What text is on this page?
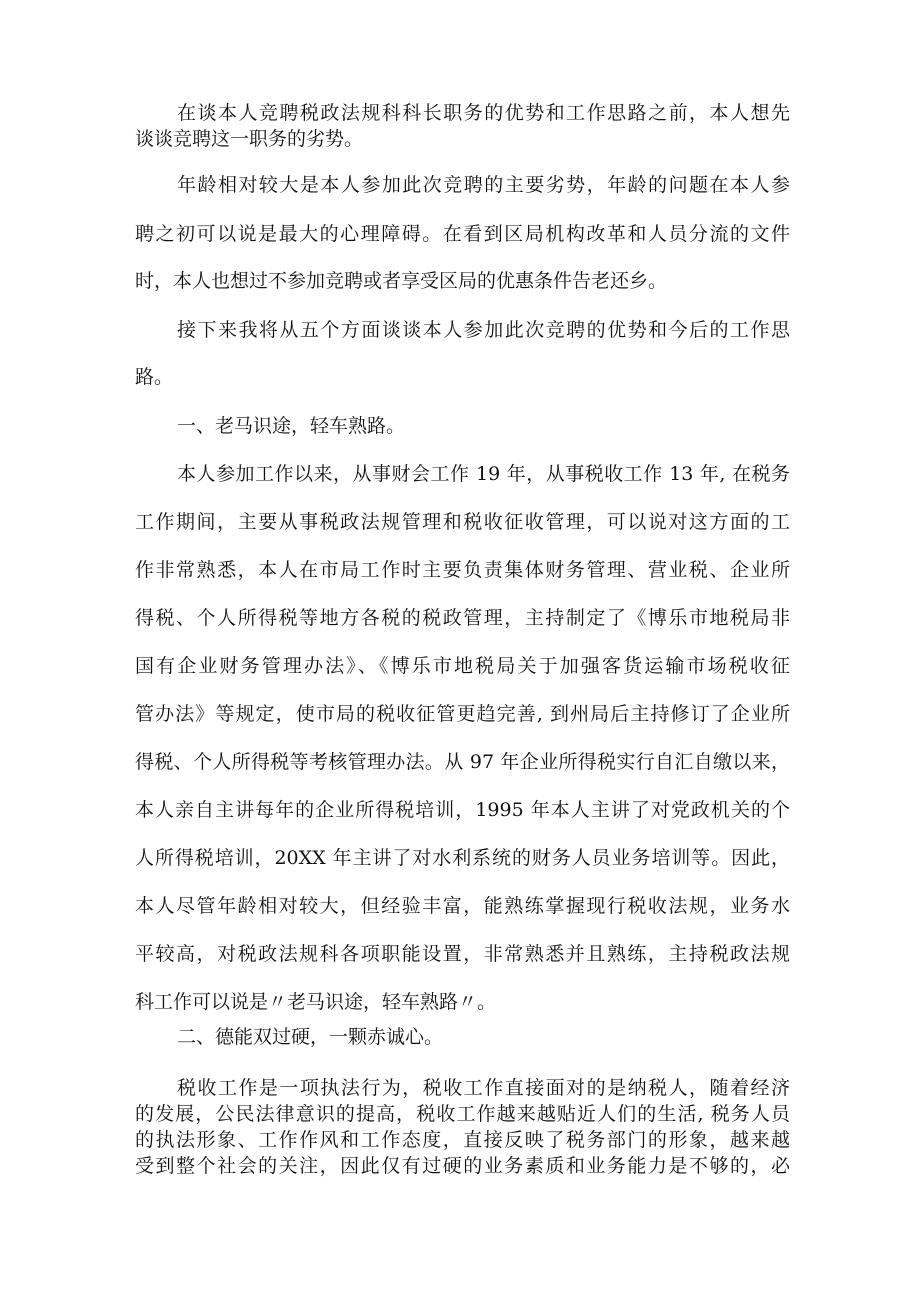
在谈本人竞聘税政法规科科长职务的优势和工作思路之前，本人想先
谈谈竞聘这一职务的劣势。
年龄相对较大是本人参加此次竞聘的主要劣势，年龄的问题在本人参
聘之初可以说是最大的心理障碍。在看到区局机构改革和人员分流的文件
时，本人也想过不参加竞聘或者享受区局的优惠条件告老还乡。
接下来我将从五个方面谈谈本人参加此次竞聘的优势和今后的工作思
路。
一、老马识途，轻车熟路。
本人参加工作以来，从事财会工作 19 年，从事税收工作 13 年, 在税务
工作期间，主要从事税政法规管理和税收征收管理，可以说对这方面的工
作非常熟悉，本人在市局工作时主要负责集体财务管理、营业税、企业所
得税、个人所得税等地方各税的税政管理，主持制定了《博乐市地税局非
国有企业财务管理办法》、《博乐市地税局关于加强客货运输市场税收征
管办法》等规定，使市局的税收征管更趋完善, 到州局后主持修订了企业所
得税、个人所得税等考核管理办法。从 97 年企业所得税实行自汇自缴以来，
本人亲自主讲每年的企业所得税培训，1995 年本人主讲了对党政机关的个
人所得税培训，20XX 年主讲了对水利系统的财务人员业务培训等。因此，
本人尽管年龄相对较大，但经验丰富，能熟练掌握现行税收法规，业务水
平较高，对税政法规科各项职能设置，非常熟悉并且熟练，主持税政法规
科工作可以说是〃老马识途，轻车熟路〃。
二、德能双过硬，一颗赤诚心。
税收工作是一项执法行为，税收工作直接面对的是纳税人，随着经济
的发展，公民法律意识的提高，税收工作越来越贴近人们的生活, 税务人员
的执法形象、工作作风和工作态度，直接反映了税务部门的形象，越来越
受到整个社会的关注，因此仅有过硬的业务素质和业务能力是不够的，必
